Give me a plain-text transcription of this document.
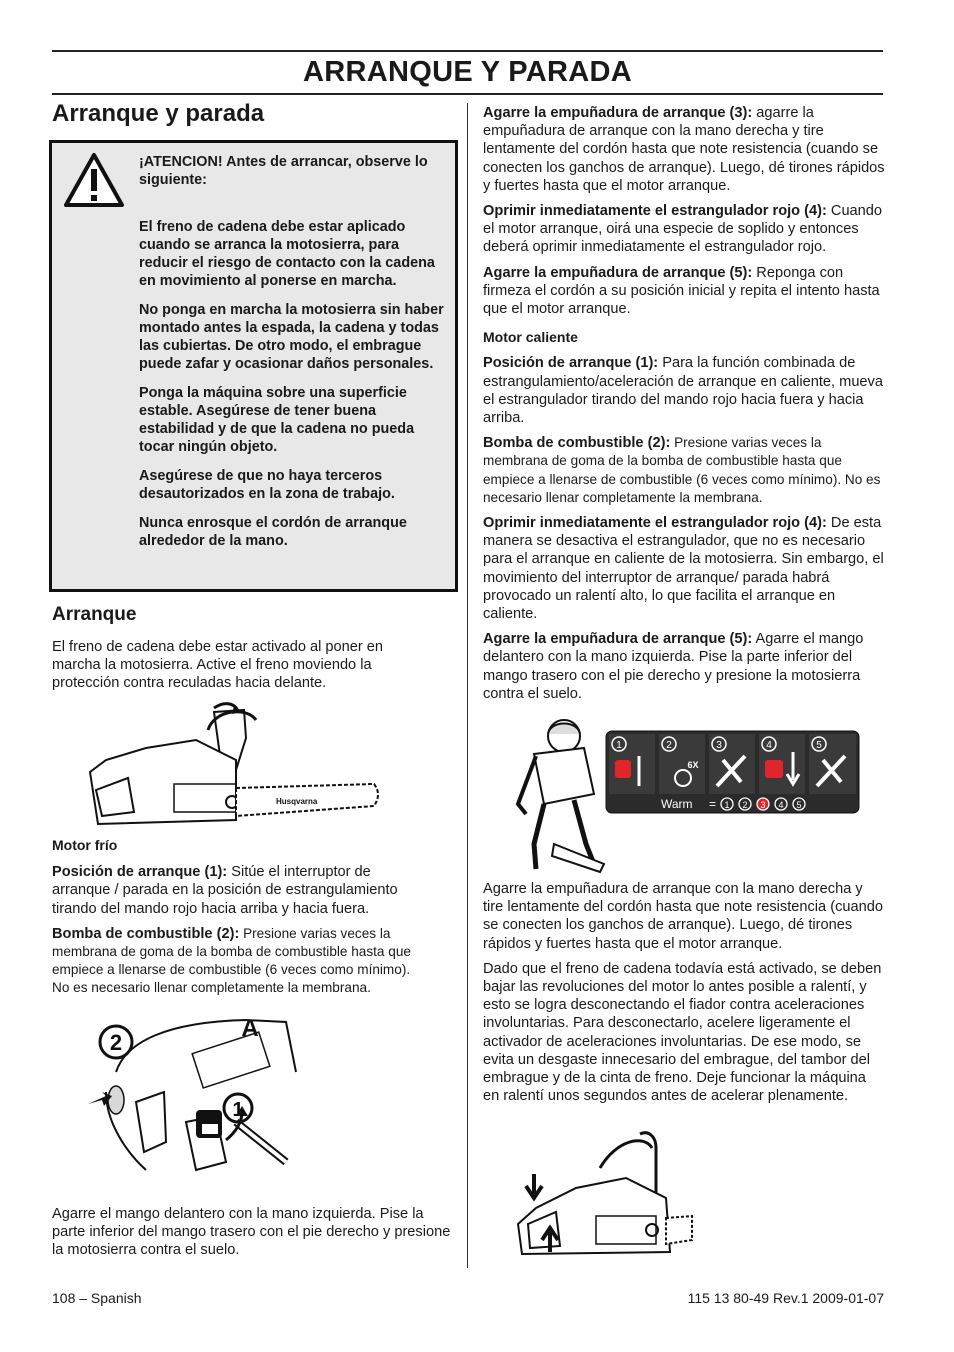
ARRANQUE Y PARADA
Arranque y parada

¡ATENCION! Antes de arrancar, observe lo siguiente:

El freno de cadena debe estar aplicado cuando se arranca la motosierra, para reducir el riesgo de contacto con la cadena en movimiento al ponerse en marcha.

No ponga en marcha la motosierra sin haber montado antes la espada, la cadena y todas las cubiertas. De otro modo, el embrague puede zafar y ocasionar daños personales.

Ponga la máquina sobre una superficie estable. Asegúrese de tener buena estabilidad y de que la cadena no pueda tocar ningún objeto.

Asegúrese de que no haya terceros desautorizados en la zona de trabajo.

Nunca enrosque el cordón de arranque alrededor de la mano.

Arranque

El freno de cadena debe estar activado al poner en marcha la motosierra. Active el freno moviendo la protección contra reculadas hacia delante.

Husqvarna

Motor frío

Posición de arranque (1): Sitúe el interruptor de arranque / parada en la posición de estrangulamiento tirando del mando rojo hacia arriba y hacia fuera.

Bomba de combustible (2): Presione varias veces la membrana de goma de la bomba de combustible hasta que empiece a llenarse de combustible (6 veces como mínimo). No es necesario llenar completamente la membrana.

2
A
1

Agarre el mango delantero con la mano izquierda. Pise la parte inferior del mango trasero con el pie derecho y presione la motosierra contra el suelo.

Agarre la empuñadura de arranque (3): agarre la empuñadura de arranque con la mano derecha y tire lentamente del cordón hasta que note resistencia (cuando se conecten los ganchos de arranque). Luego, dé tirones rápidos y fuertes hasta que el motor arranque.

Oprimir inmediatamente el estrangulador rojo (4): Cuando el motor arranque, oirá una especie de soplido y entonces deberá oprimir inmediatamente el estrangulador rojo.

Agarre la empuñadura de arranque (5): Reponga con firmeza el cordón a su posición inicial y repita el intento hasta que el motor arranque.

Motor caliente

Posición de arranque (1): Para la función combinada de estrangulamiento/aceleración de arranque en caliente, mueva el estrangulador tirando del mando rojo hacia fuera y hacia arriba.

Bomba de combustible (2): Presione varias veces la membrana de goma de la bomba de combustible hasta que empiece a llenarse de combustible (6 veces como mínimo). No es necesario llenar completamente la membrana.

Oprimir inmediatamente el estrangulador rojo (4): De esta manera se desactiva el estrangulador, que no es necesario para el arranque en caliente de la motosierra. Sin embargo, el movimiento del interruptor de arranque/ parada habrá provocado un ralentí alto, lo que facilita el arranque en caliente.

Agarre la empuñadura de arranque (5): Agarre el mango delantero con la mano izquierda. Pise la parte inferior del mango trasero con el pie derecho y presione la motosierra contra el suelo.

1	2
6X
3	4	5
Warm = 1 2 3 4 5

Agarre la empuñadura de arranque con la mano derecha y tire lentamente del cordón hasta que note resistencia (cuando se conecten los ganchos de arranque). Luego, dé tirones rápidos y fuertes hasta que el motor arranque.

Dado que el freno de cadena todavía está activado, se deben bajar las revoluciones del motor lo antes posible a ralentí, y esto se logra desconectando el fiador contra aceleraciones involuntarias. Para desconectarlo, acelere ligeramente el activador de aceleraciones involuntarias. De ese modo, se evita un desgaste innecesario del embrague, del tambor del embrague y de la cinta de freno. Deje funcionar la máquina en ralentí unos segundos antes de acelerar plenamente.

108 – Spanish	115 13 80-49 Rev.1 2009-01-07
